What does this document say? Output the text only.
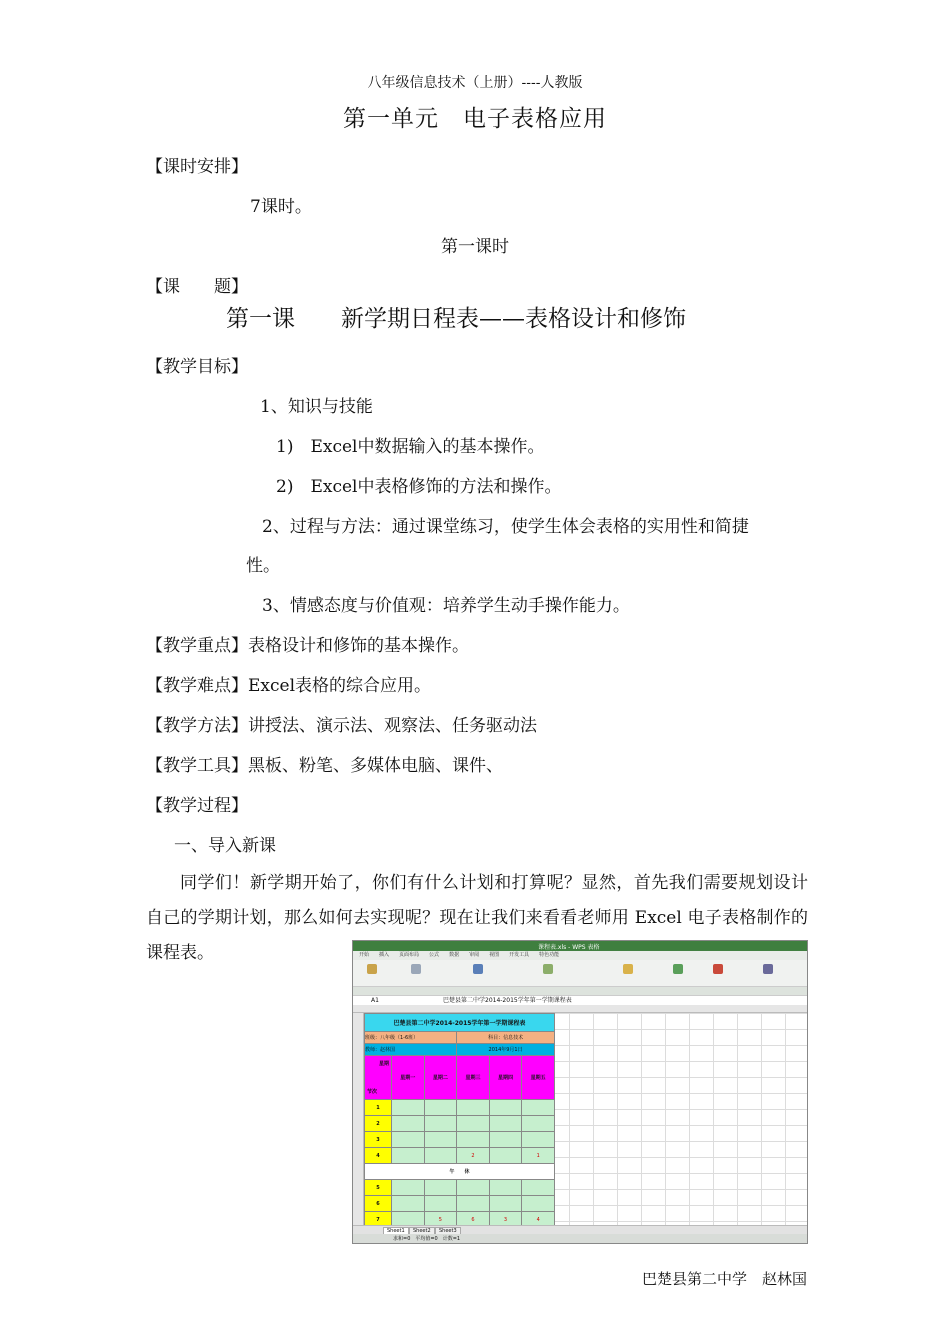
八年级信息技术（上册）----人教版
第一单元　电子表格应用
【课时安排】
7课时。
第一课时
【课　　题】
第一课　　新学期日程表——表格设计和修饰
【教学目标】
1、知识与技能
1)　Excel中数据输入的基本操作。
2)　Excel中表格修饰的方法和操作。
2、过程与方法：通过课堂练习，使学生体会表格的实用性和简捷
性。
3、情感态度与价值观：培养学生动手操作能力。
【教学重点】表格设计和修饰的基本操作。
【教学难点】Excel表格的综合应用。
【教学方法】讲授法、演示法、观察法、任务驱动法
【教学工具】黑板、粉笔、多媒体电脑、课件、
【教学过程】
一、导入新课
同学们！新学期开始了，你们有什么计划和打算呢？显然，首先我们需要规划设计自己的学期计划，那么如何去实现呢？现在让我们来看看老师用 Excel 电子表格制作的课程表。	课程表.xls - WPS 表格
开始 插入 页面布局 公式 数据 审阅 视图 开发工具 特色功能
A1	巴楚县第二中学2014-2015学年第一学期课程表
巴楚县第二中学2014-2015学年第一学期课程表					
班级：八年级（1-6班）			科目：信息技术		
教师：赵林国			2014年9月1日		

星期
节次	星期一	星期二	星期三	星期四	星期五
1					
2					
3					
4			2		1
午　　休					
5					
6					
7		5	6	3	4

Sheet1	Sheet2	Sheet3
求和=0　平均值=0　计数=1
巴楚县第二中学　赵林国
